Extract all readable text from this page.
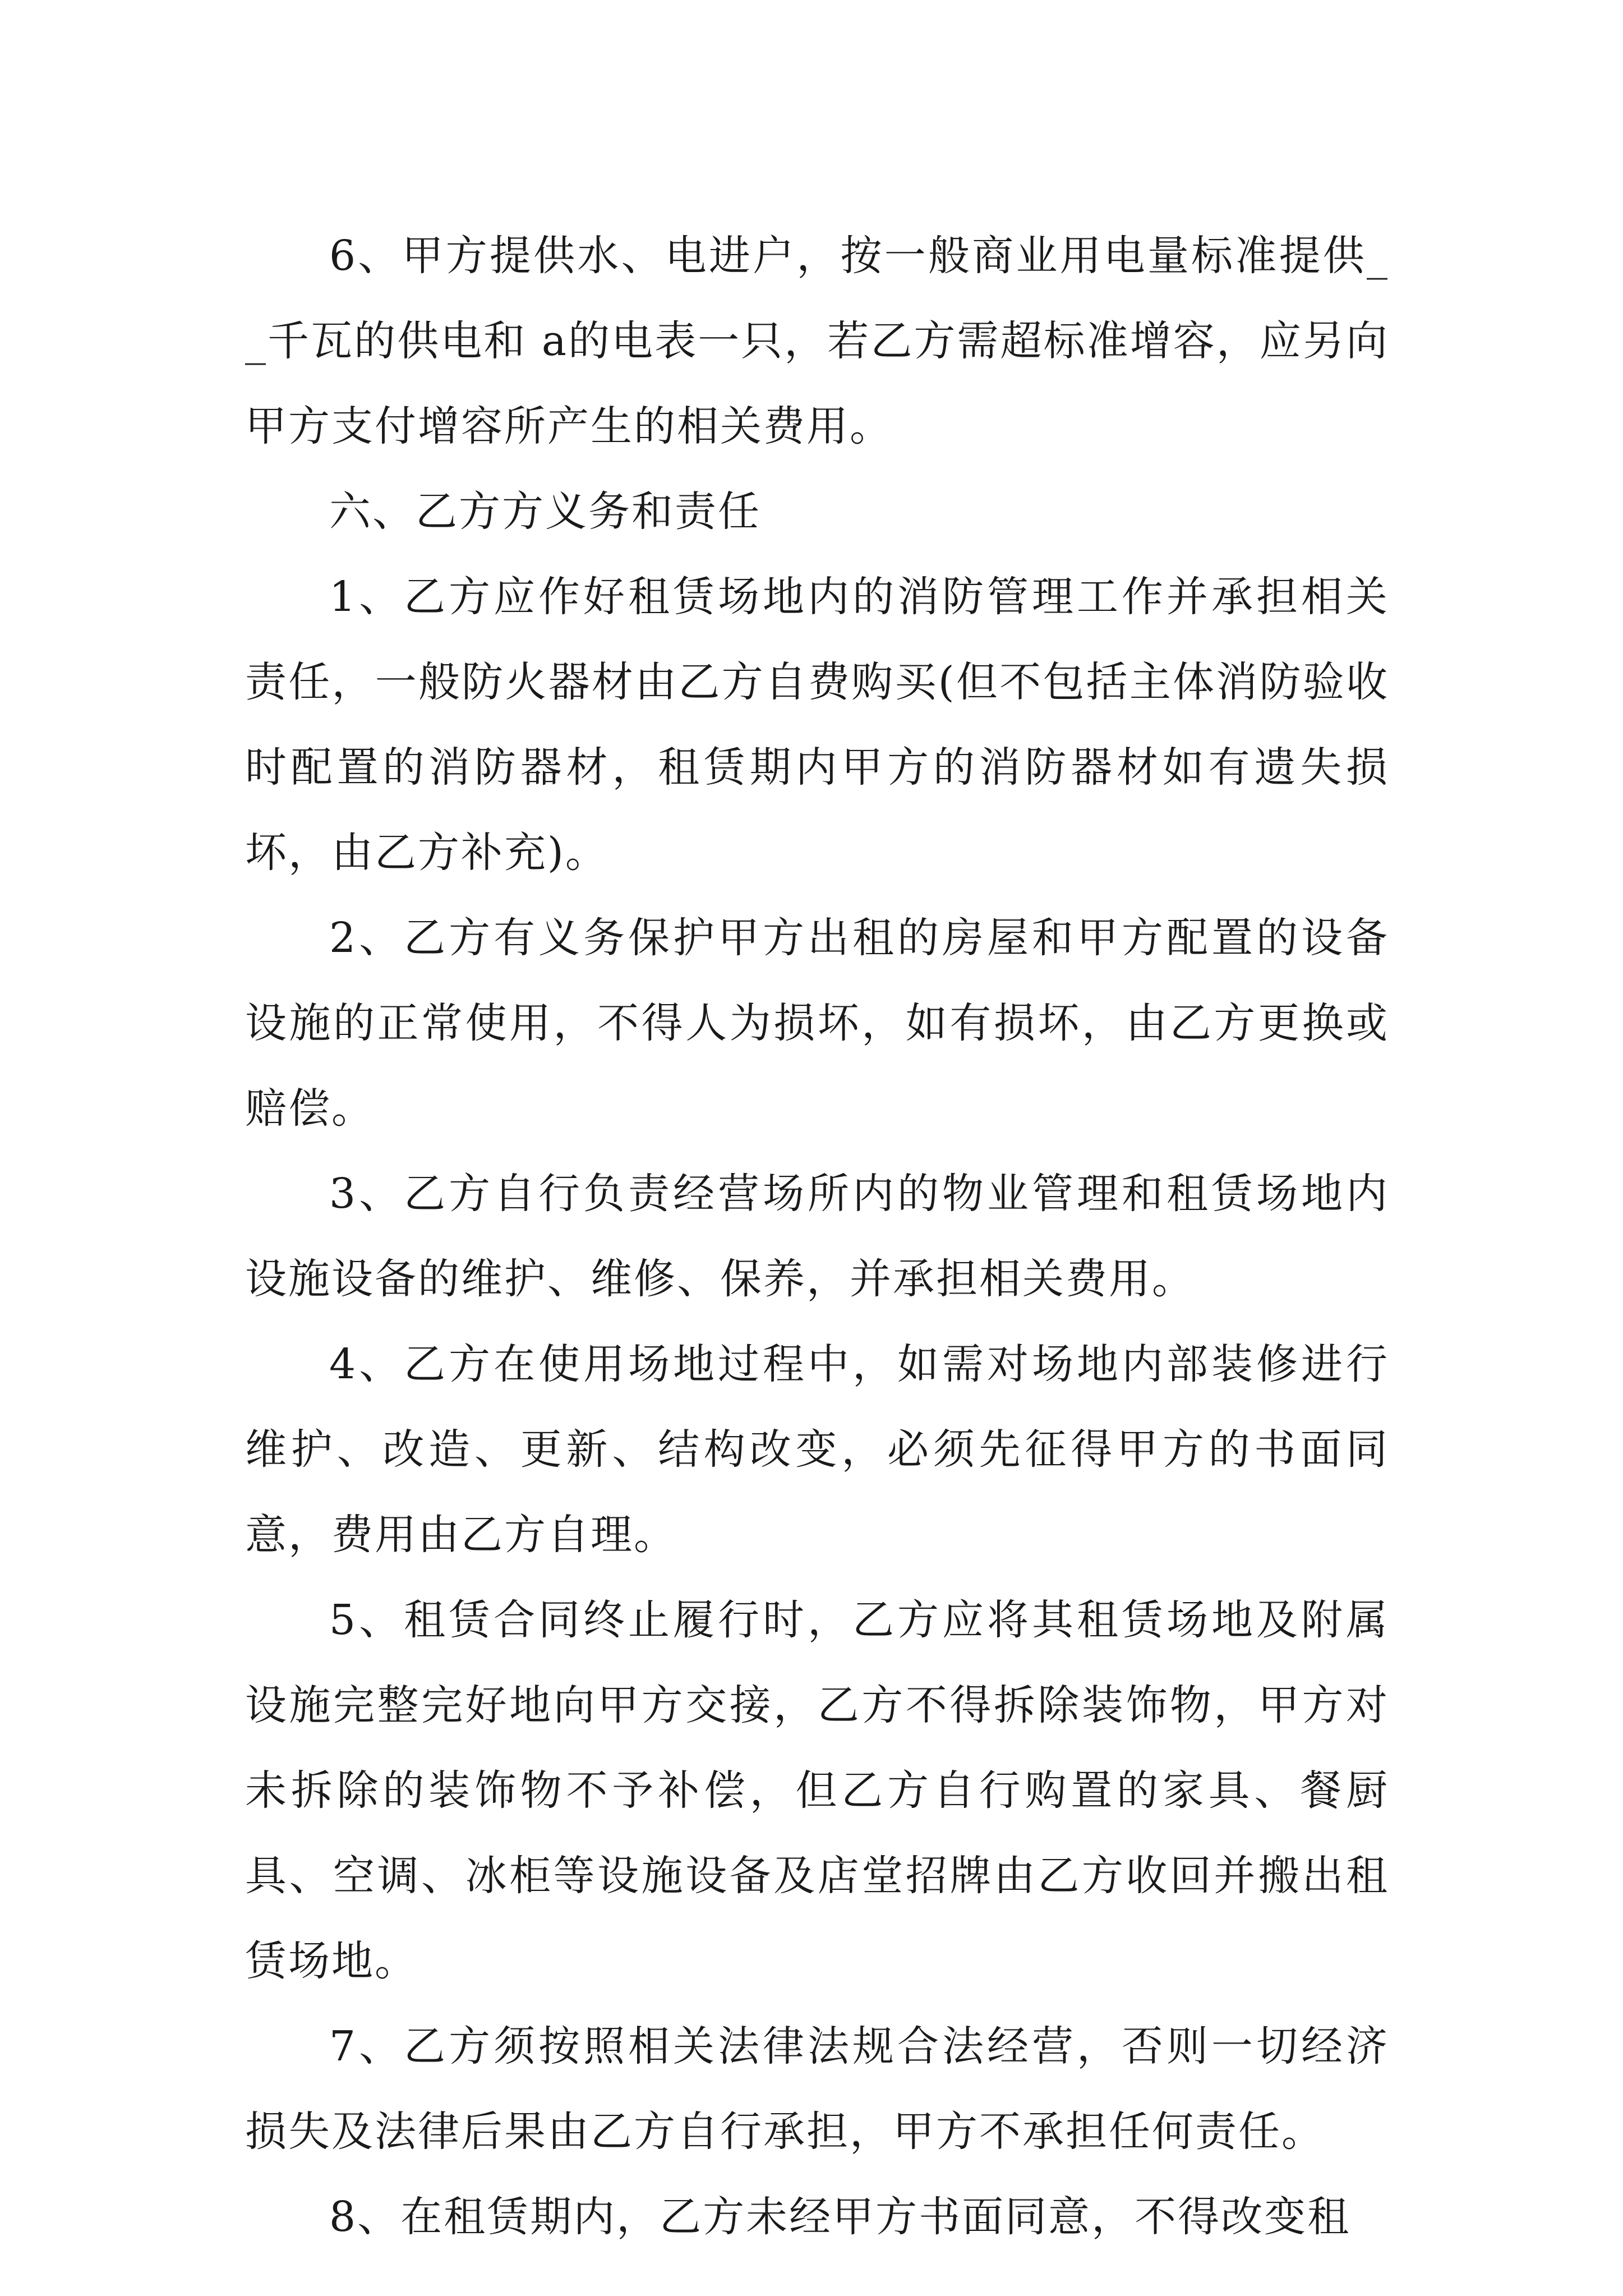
6、甲方提供水、电进户，按一般商业用电量标准提供__千瓦的供电和 a的电表一只，若乙方需超标准增容，应另向甲方支付增容所产生的相关费用。

六、乙方方义务和责任

1、乙方应作好租赁场地内的消防管理工作并承担相关责任，一般防火器材由乙方自费购买(但不包括主体消防验收时配置的消防器材，租赁期内甲方的消防器材如有遗失损坏，由乙方补充)。

2、乙方有义务保护甲方出租的房屋和甲方配置的设备设施的正常使用，不得人为损坏，如有损坏，由乙方更换或赔偿。

3、乙方自行负责经营场所内的物业管理和租赁场地内设施设备的维护、维修、保养，并承担相关费用。

4、乙方在使用场地过程中，如需对场地内部装修进行维护、改造、更新、结构改变，必须先征得甲方的书面同意，费用由乙方自理。

5、租赁合同终止履行时，乙方应将其租赁场地及附属设施完整完好地向甲方交接，乙方不得拆除装饰物，甲方对未拆除的装饰物不予补偿，但乙方自行购置的家具、餐厨具、空调、冰柜等设施设备及店堂招牌由乙方收回并搬出租赁场地。

7、乙方须按照相关法律法规合法经营，否则一切经济损失及法律后果由乙方自行承担，甲方不承担任何责任。

8、在租赁期内，乙方未经甲方书面同意，不得改变租
